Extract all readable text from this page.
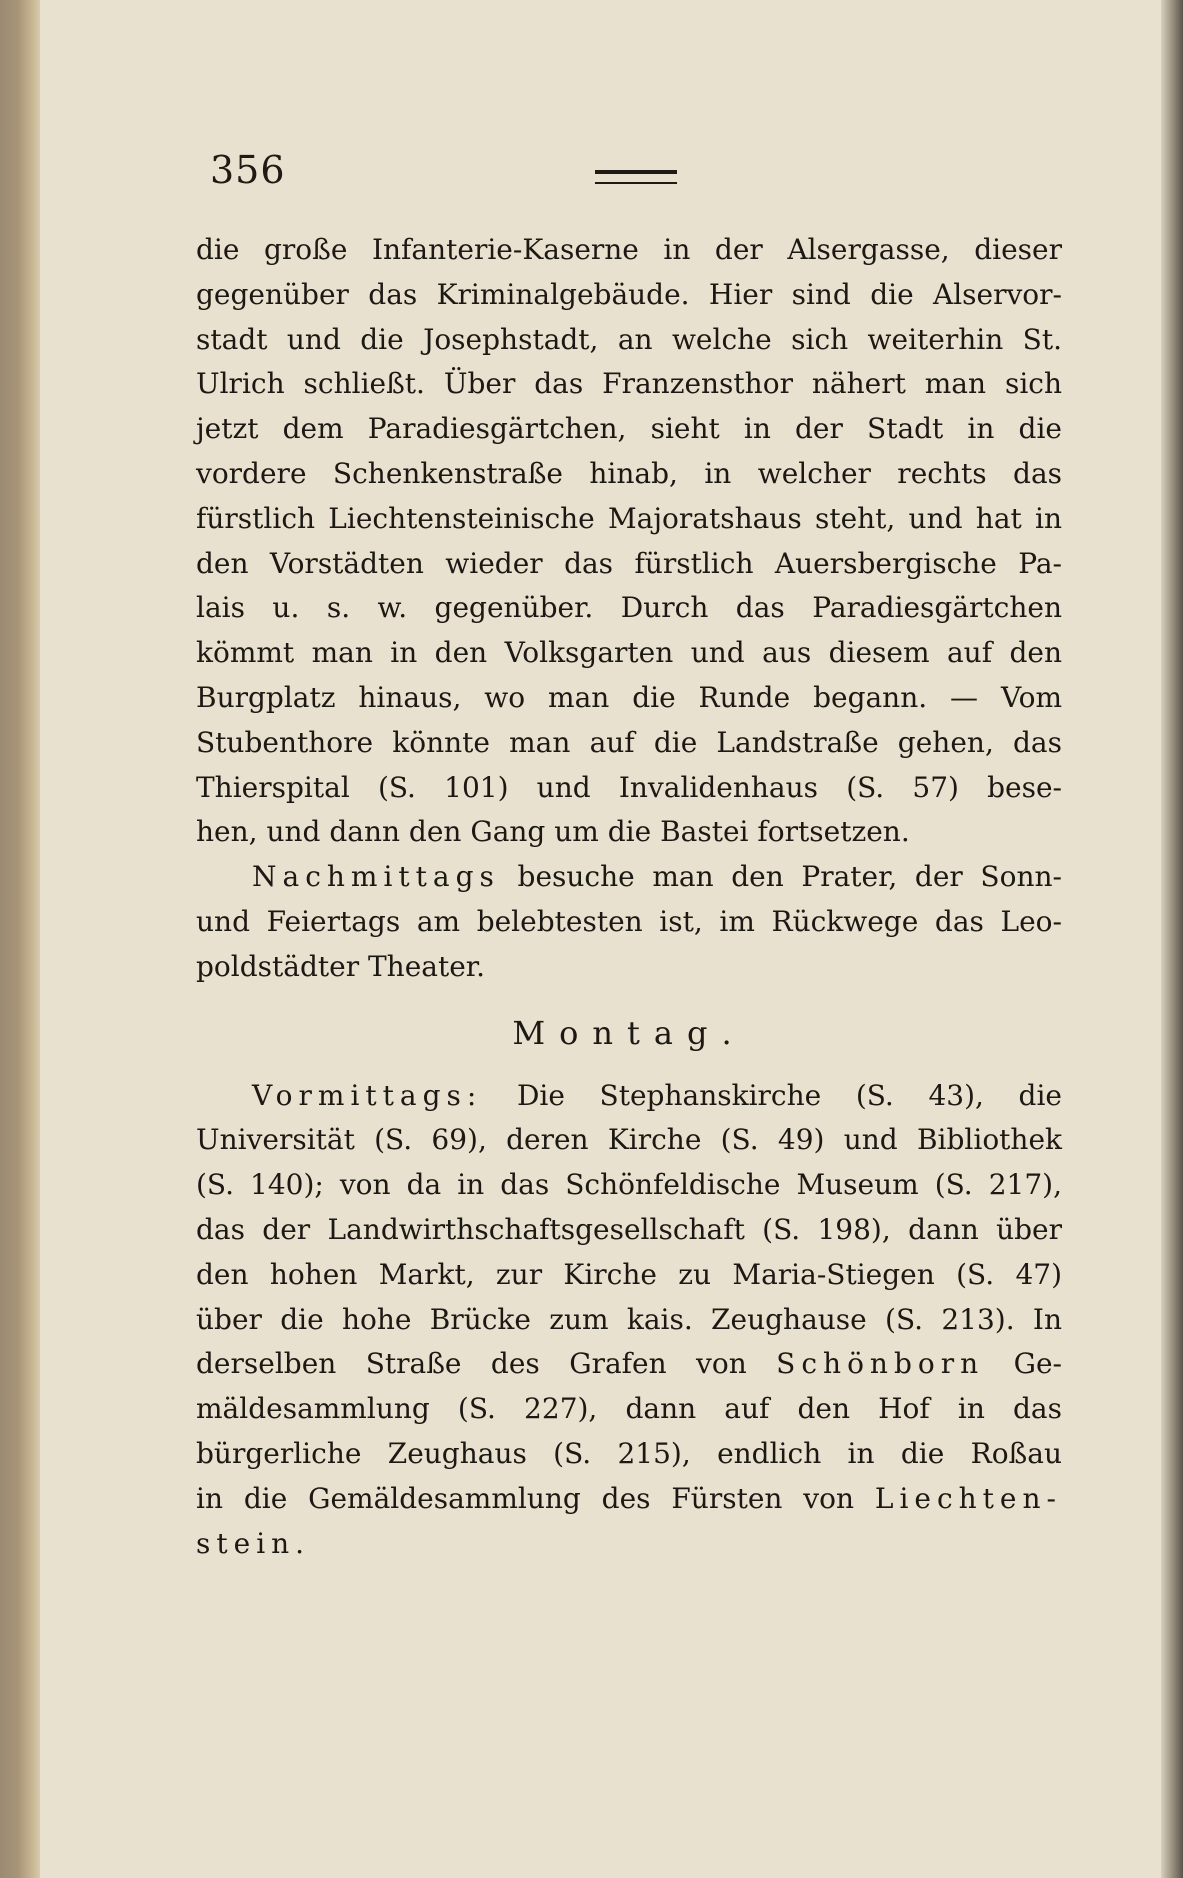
356
die große Infanterie-Kaserne in der Alsergasse, dieser
gegenüber das Kriminalgebäude. Hier sind die Alservor-
stadt und die Josephstadt, an welche sich weiterhin St.
Ulrich schließt. Über das Franzensthor nähert man sich
jetzt dem Paradiesgärtchen, sieht in der Stadt in die
vordere Schenkenstraße hinab, in welcher rechts das
fürstlich Liechtensteinische Majoratshaus steht, und hat in
den Vorstädten wieder das fürstlich Auersbergische Pa-
lais u. s. w. gegenüber. Durch das Paradiesgärtchen
kömmt man in den Volksgarten und aus diesem auf den
Burgplatz hinaus, wo man die Runde begann. — Vom
Stubenthore könnte man auf die Landstraße gehen, das
Thierspital (S. 101) und Invalidenhaus (S. 57) bese-
hen, und dann den Gang um die Bastei fortsetzen.
Nachmittags besuche man den Prater, der Sonn-
und Feiertags am belebtesten ist, im Rückwege das Leo-
poldstädter Theater.
Montag.
Vormittags: Die Stephanskirche (S. 43), die
Universität (S. 69), deren Kirche (S. 49) und Bibliothek
(S. 140); von da in das Schönfeldische Museum (S. 217),
das der Landwirthschaftsgesellschaft (S. 198), dann über
den hohen Markt, zur Kirche zu Maria-Stiegen (S. 47)
über die hohe Brücke zum kais. Zeughause (S. 213). In
derselben Straße des Grafen von Schönborn Ge-
mäldesammlung (S. 227), dann auf den Hof in das
bürgerliche Zeughaus (S. 215), endlich in die Roßau
in die Gemäldesammlung des Fürsten von Liechten-
stein.
